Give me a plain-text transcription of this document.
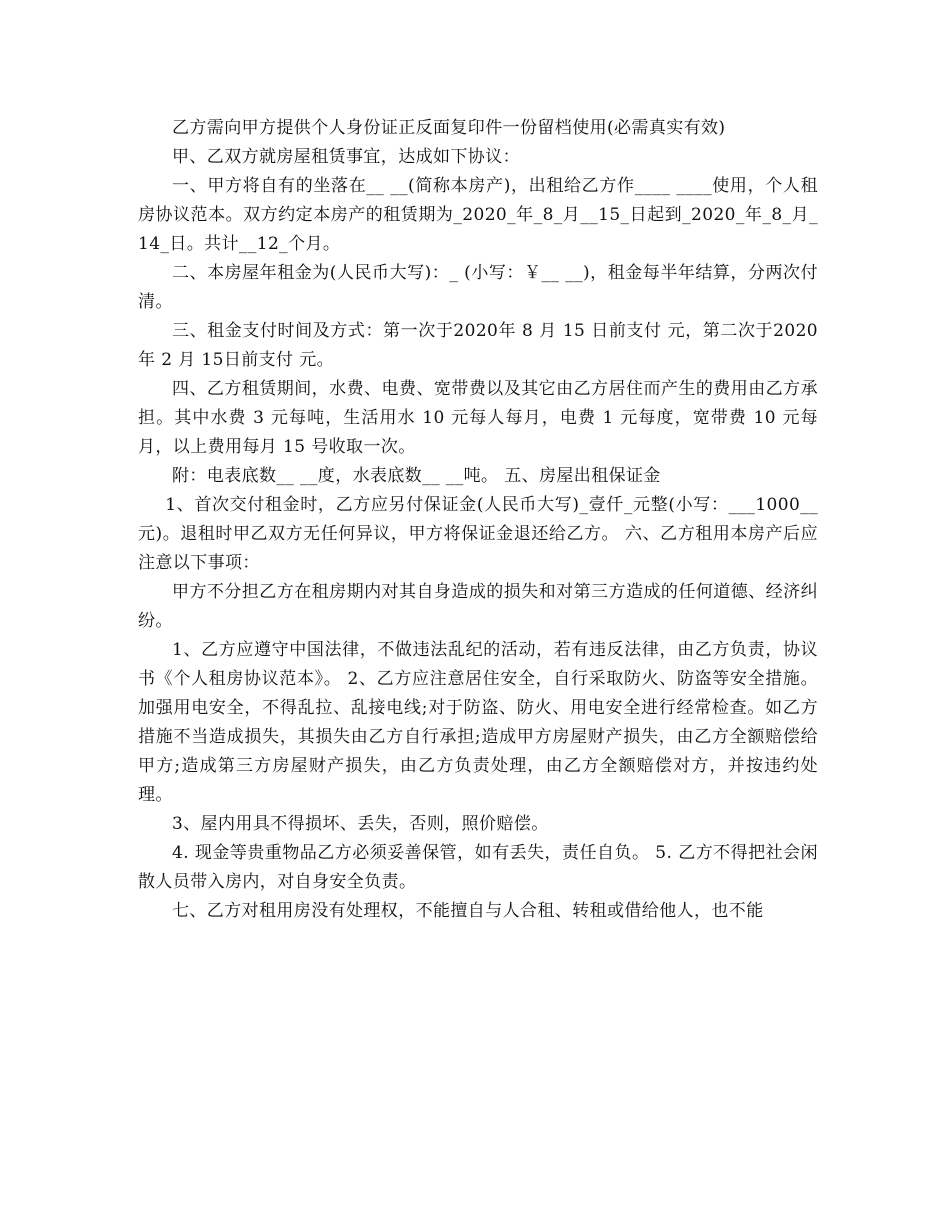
乙方需向甲方提供个人身份证正反面复印件一份留档使用(必需真实有效)

甲、乙双方就房屋租赁事宜，达成如下协议：

一、甲方将自有的坐落在__ __(简称本房产)，出租给乙方作____ ____使用，个人租房协议范本。双方约定本房产的租赁期为_2020_年_8_月__15_日起到_2020_年_8_月_14_日。共计__12_个月。

二、本房屋年租金为(人民币大写)：_ (小写：￥__ __)，租金每半年结算，分两次付清。

三、租金支付时间及方式：第一次于2020年 8 月 15 日前支付 元，第二次于2020年 2 月 15日前支付 元。

四、乙方租赁期间，水费、电费、宽带费以及其它由乙方居住而产生的费用由乙方承担。其中水费 3 元每吨，生活用水 10 元每人每月，电费 1 元每度，宽带费 10 元每月，以上费用每月 15 号收取一次。

附：电表底数__ __度，水表底数__ __吨。 五、房屋出租保证金

1、首次交付租金时，乙方应另付保证金(人民币大写)_壹仟_元整(小写：___1000__元)。退租时甲乙双方无任何异议，甲方将保证金退还给乙方。 六、乙方租用本房产后应注意以下事项：

甲方不分担乙方在租房期内对其自身造成的损失和对第三方造成的任何道德、经济纠纷。

1、乙方应遵守中国法律，不做违法乱纪的活动，若有违反法律，由乙方负责，协议书《个人租房协议范本》。 2、乙方应注意居住安全，自行采取防火、防盗等安全措施。加强用电安全，不得乱拉、乱接电线;对于防盗、防火、用电安全进行经常检查。如乙方措施不当造成损失，其损失由乙方自行承担;造成甲方房屋财产损失，由乙方全额赔偿给甲方;造成第三方房屋财产损失，由乙方负责处理，由乙方全额赔偿对方，并按违约处理。

3、屋内用具不得损坏、丢失，否则，照价赔偿。

4. 现金等贵重物品乙方必须妥善保管，如有丢失，责任自负。 5. 乙方不得把社会闲散人员带入房内，对自身安全负责。

七、乙方对租用房没有处理权，不能擅自与人合租、转租或借给他人，也不能
